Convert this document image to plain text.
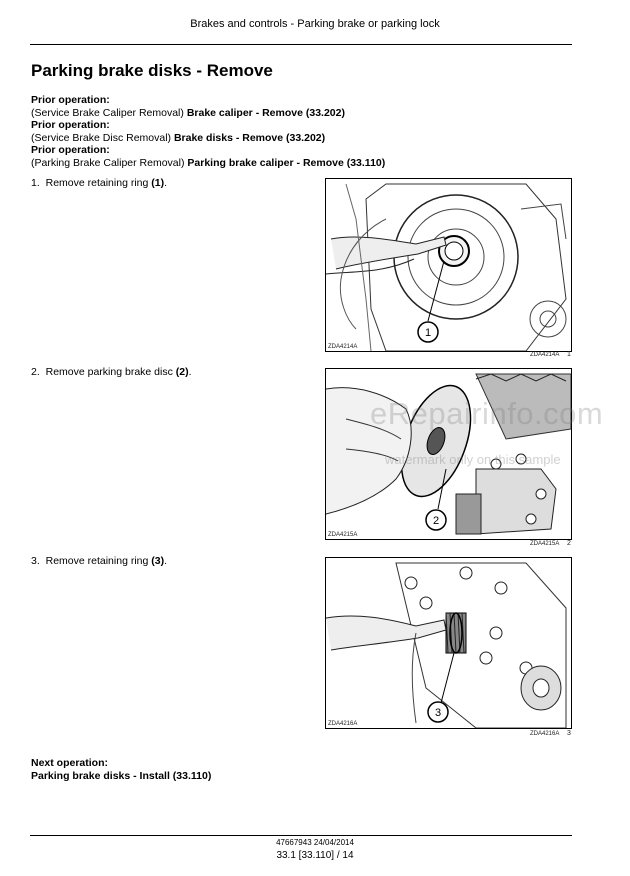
Brakes and controls - Parking brake or parking lock
Parking brake disks - Remove
Prior operation:
(Service Brake Caliper Removal) Brake caliper - Remove (33.202)
Prior operation:
(Service Brake Disc Removal) Brake disks - Remove (33.202)
Prior operation:
(Parking Brake Caliper Removal) Parking brake caliper - Remove (33.110)
1. Remove retaining ring (1).
1
ZDA4214A
ZDA4214A 1
2. Remove parking brake disc (2).
2
ZDA4215A
ZDA4215A 2
3. Remove retaining ring (3).
3
ZDA4216A
ZDA4216A 3
Next operation:
Parking brake disks - Install (33.110)
47667943 24/04/2014
33.1 [33.110] / 14
eRepairinfo.com
watermark only on this sample
